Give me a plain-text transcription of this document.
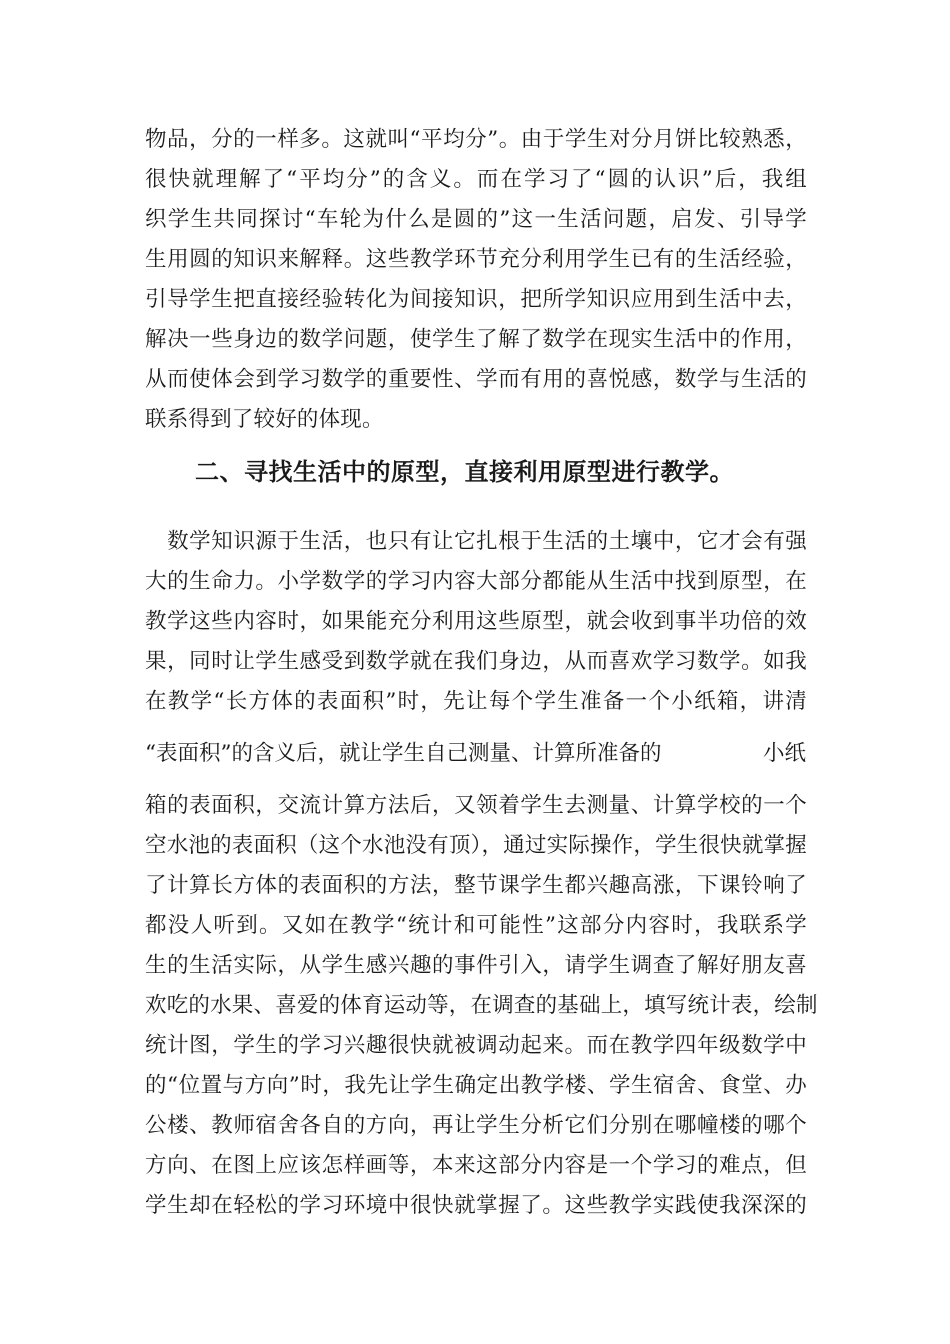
物品，分的一样多。这就叫“平均分”。由于学生对分月饼比较熟悉，
很快就理解了“平均分”的含义。而在学习了“圆的认识”后，我组
织学生共同探讨“车轮为什么是圆的”这一生活问题，启发、引导学
生用圆的知识来解释。这些教学环节充分利用学生已有的生活经验，
引导学生把直接经验转化为间接知识，把所学知识应用到生活中去，
解决一些身边的数学问题，使学生了解了数学在现实生活中的作用，
从而使体会到学习数学的重要性、学而有用的喜悦感，数学与生活的
联系得到了较好的体现。
二、寻找生活中的原型，直接利用原型进行教学。
　数学知识源于生活，也只有让它扎根于生活的土壤中，它才会有强
大的生命力。小学数学的学习内容大部分都能从生活中找到原型，在
教学这些内容时，如果能充分利用这些原型，就会收到事半功倍的效
果，同时让学生感受到数学就在我们身边，从而喜欢学习数学。如我
在教学“长方体的表面积”时，先让每个学生准备一个小纸箱，讲清
“表面积”的含义后，就让学生自己测量、计算所准备的	小纸
箱的表面积，交流计算方法后，又领着学生去测量、计算学校的一个
空水池的表面积（这个水池没有顶），通过实际操作，学生很快就掌握
了计算长方体的表面积的方法，整节课学生都兴趣高涨，下课铃响了
都没人听到。又如在教学“统计和可能性”这部分内容时，我联系学
生的生活实际，从学生感兴趣的事件引入，请学生调查了解好朋友喜
欢吃的水果、喜爱的体育运动等，在调查的基础上，填写统计表，绘制
统计图，学生的学习兴趣很快就被调动起来。而在教学四年级数学中
的“位置与方向”时，我先让学生确定出教学楼、学生宿舍、食堂、办
公楼、教师宿舍各自的方向，再让学生分析它们分别在哪幢楼的哪个
方向、在图上应该怎样画等，本来这部分内容是一个学习的难点，但
学生却在轻松的学习环境中很快就掌握了。这些教学实践使我深深的
